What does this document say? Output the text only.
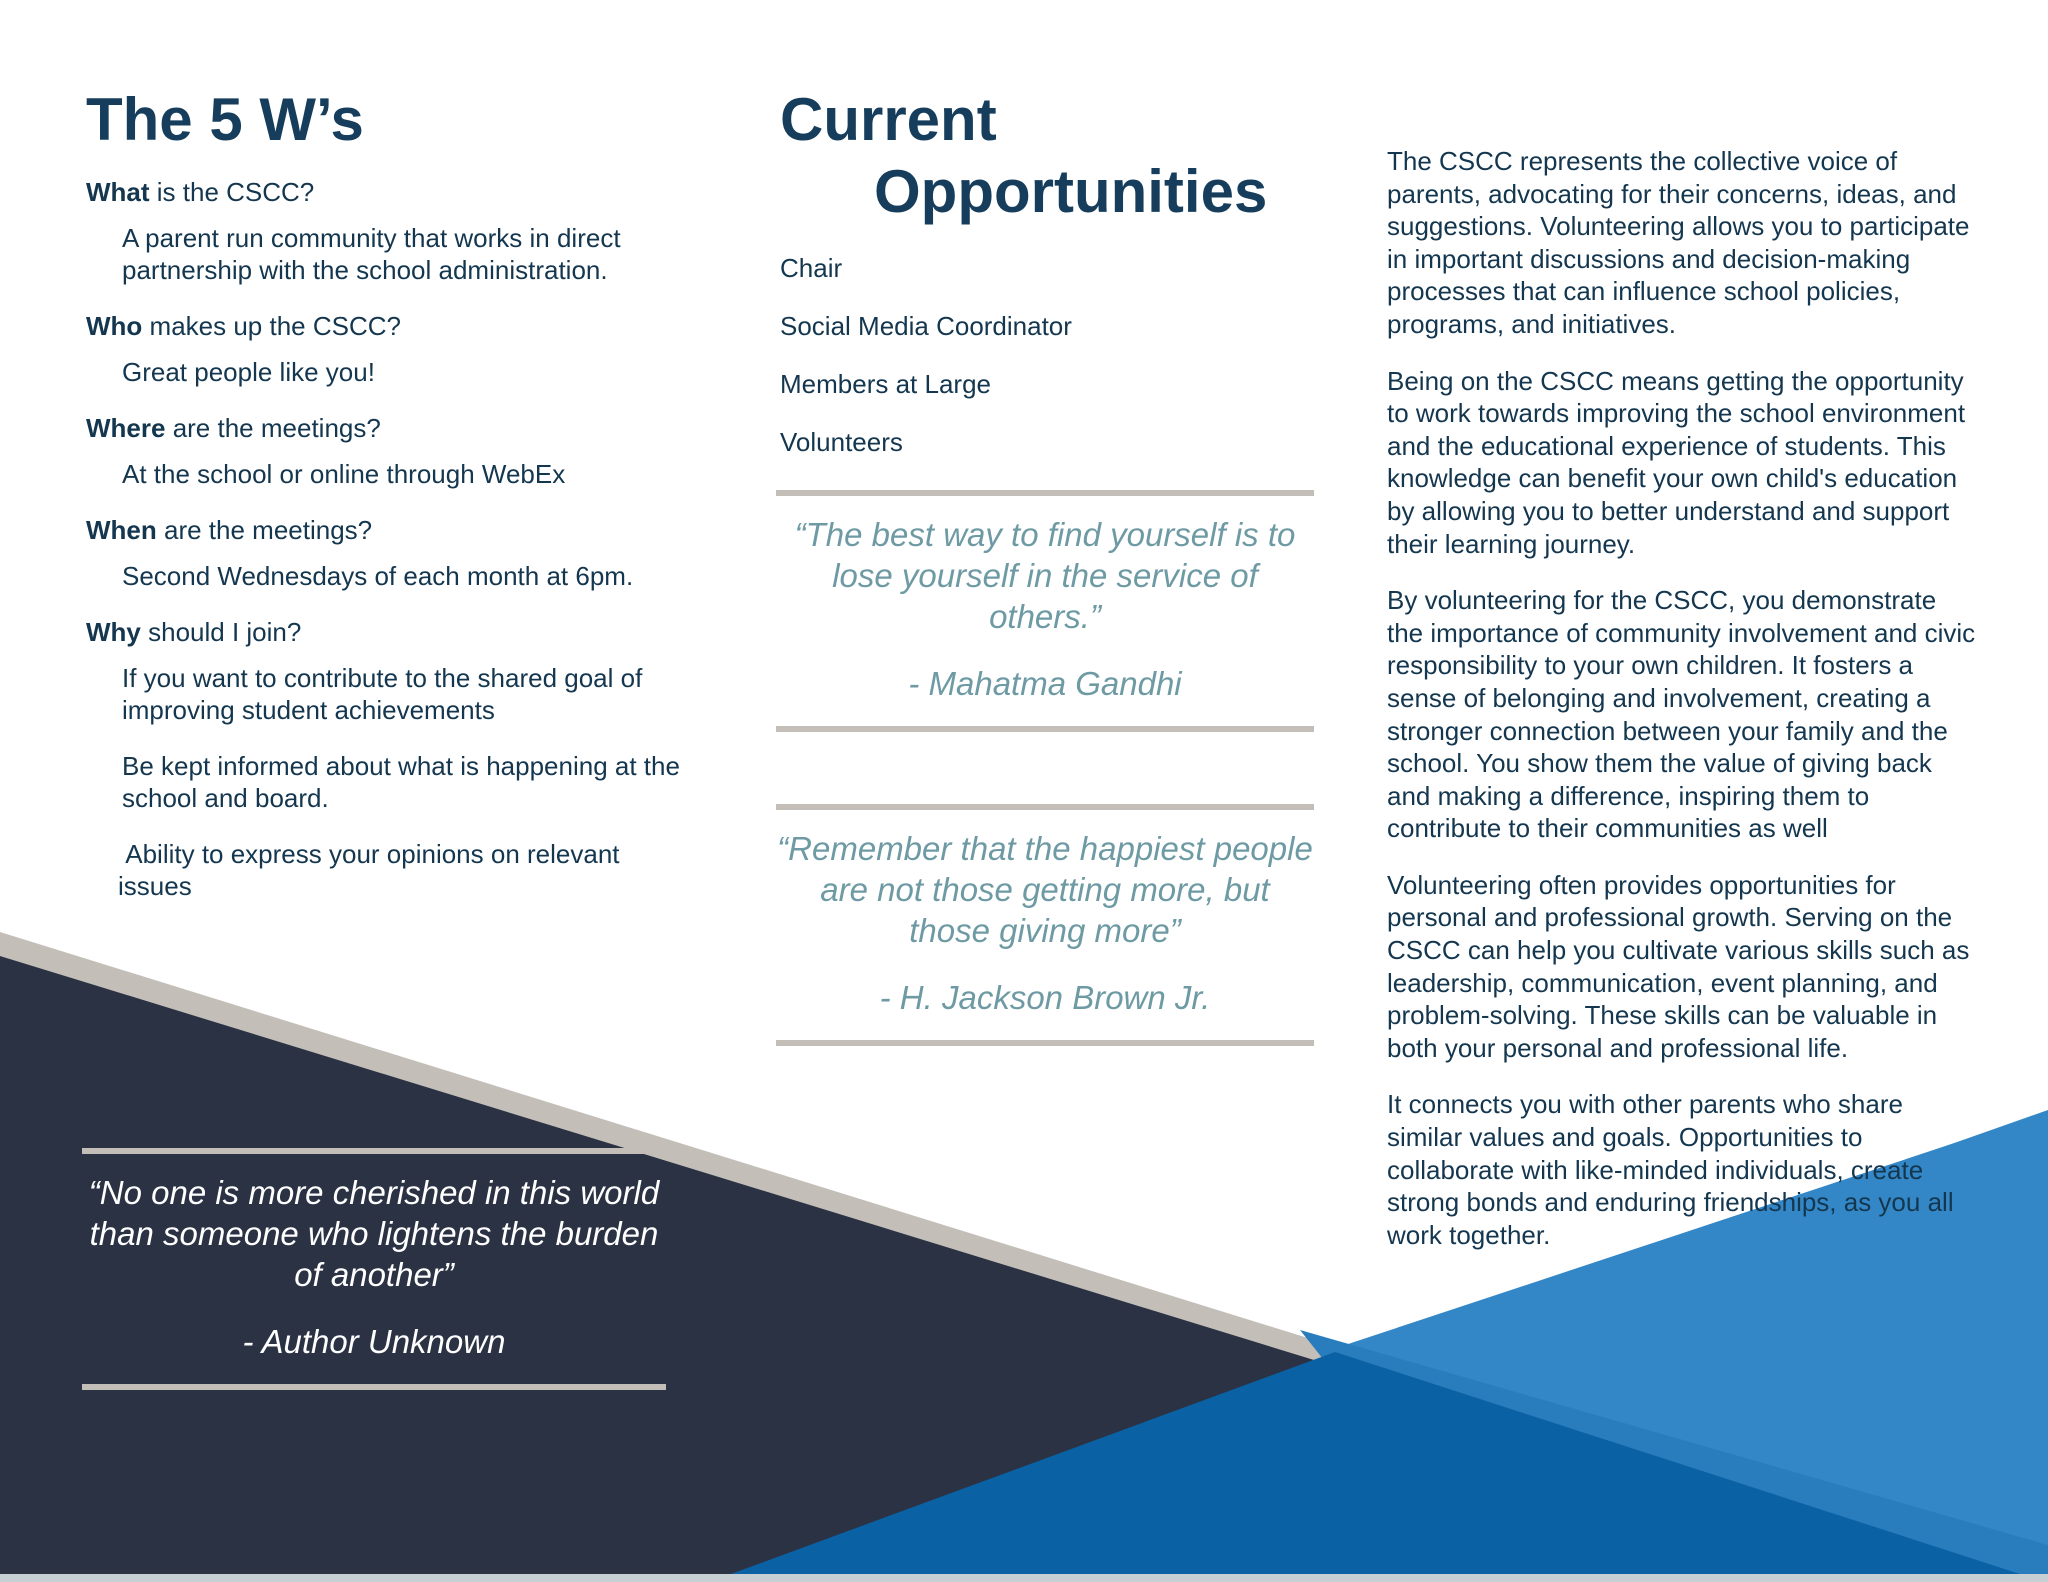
The 5 W’s

What is the CSCC?

A parent run community that works in direct partnership with the school administration.

Who makes up the CSCC?

Great people like you!

Where are the meetings?

At the school or online through WebEx

When are the meetings?

Second Wednesdays of each month at 6pm.

Why should I join?

If you want to contribute to the shared goal of improving student achievements

Be kept informed about what is happening at the school and board.

Ability to express your opinions on relevant issues

“No one is more cherished in this world than someone who lightens the burden of another”

- Author Unknown

Current
Opportunities
Chair
Social Media Coordinator
Members at Large
Volunteers

“The best way to find yourself is to lose yourself in the service of others.”

- Mahatma Gandhi

“Remember that the happiest people are not those getting more, but those giving more”

- H. Jackson Brown Jr.

The CSCC represents the collective voice of parents, advocating for their concerns, ideas, and suggestions. Volunteering allows you to participate in important discussions and decision-making processes that can influence school policies, programs, and initiatives.

Being on the CSCC means getting the opportunity to work towards improving the school environment and the educational experience of students. This knowledge can benefit your own child's education by allowing you to better understand and support their learning journey.

By volunteering for the CSCC, you demonstrate the importance of community involvement and civic responsibility to your own children. It fosters a sense of belonging and involvement, creating a stronger connection between your family and the school. You show them the value of giving back and making a difference, inspiring them to contribute to their communities as well

Volunteering often provides opportunities for personal and professional growth. Serving on the CSCC can help you cultivate various skills such as leadership, communication, event planning, and problem-solving. These skills can be valuable in both your personal and professional life.

It connects you with other parents who share similar values and goals. Opportunities to collaborate with like-minded individuals, create strong bonds and enduring friendships, as you all work together.
